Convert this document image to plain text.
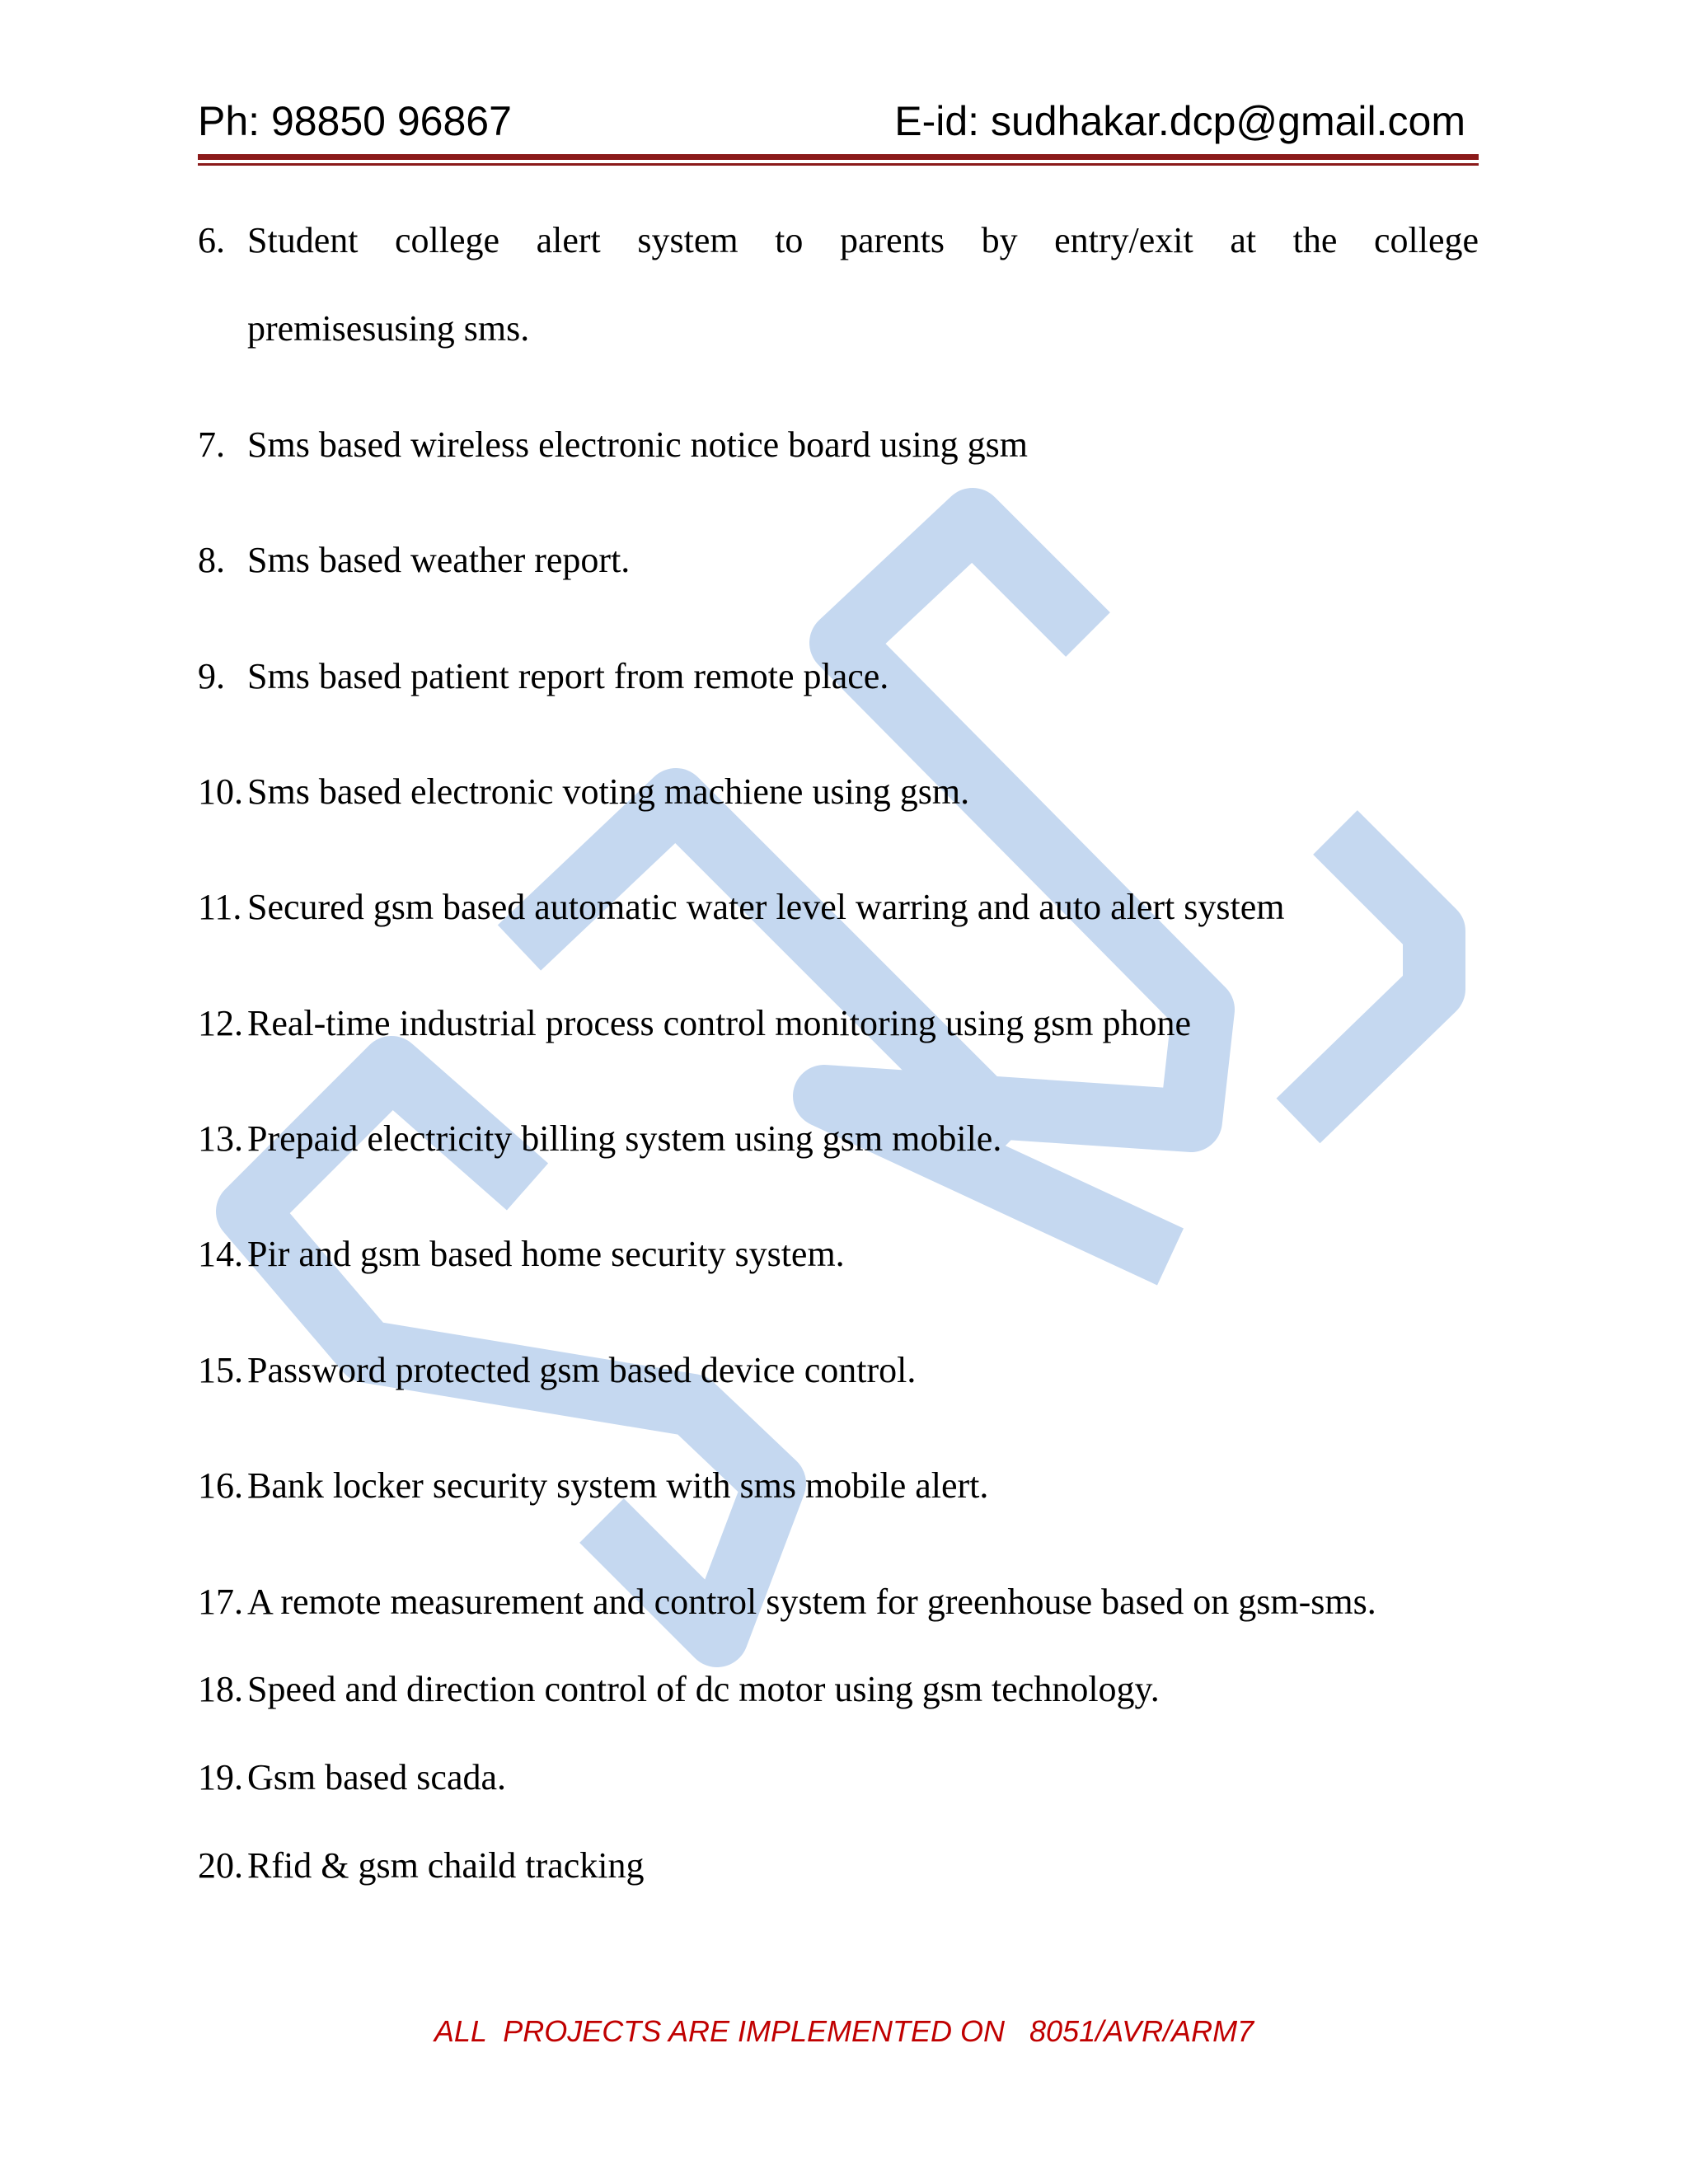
Ph: 98850 96867	E-id: sudhakar.dcp@gmail.com
6. Student college alert system to parents by entry/exit at the college
premisesusing sms.
7. Sms based wireless electronic notice board using gsm
8. Sms based weather report.
9. Sms based patient report from remote place.
10. Sms based electronic voting machiene using gsm.
11. Secured gsm based automatic water level warring and auto alert system
12. Real-time industrial process control monitoring using gsm phone
13. Prepaid electricity billing system using gsm mobile.
14. Pir and gsm based home security system.
15. Password protected gsm based device control.
16. Bank locker security system with sms mobile alert.
17. A remote measurement and control system for greenhouse based on gsm-sms.
18. Speed and direction control of dc motor using gsm technology.
19. Gsm based scada.
20. Rfid & gsm chaild tracking
ALL  PROJECTS ARE IMPLEMENTED ON   8051/AVR/ARM7
